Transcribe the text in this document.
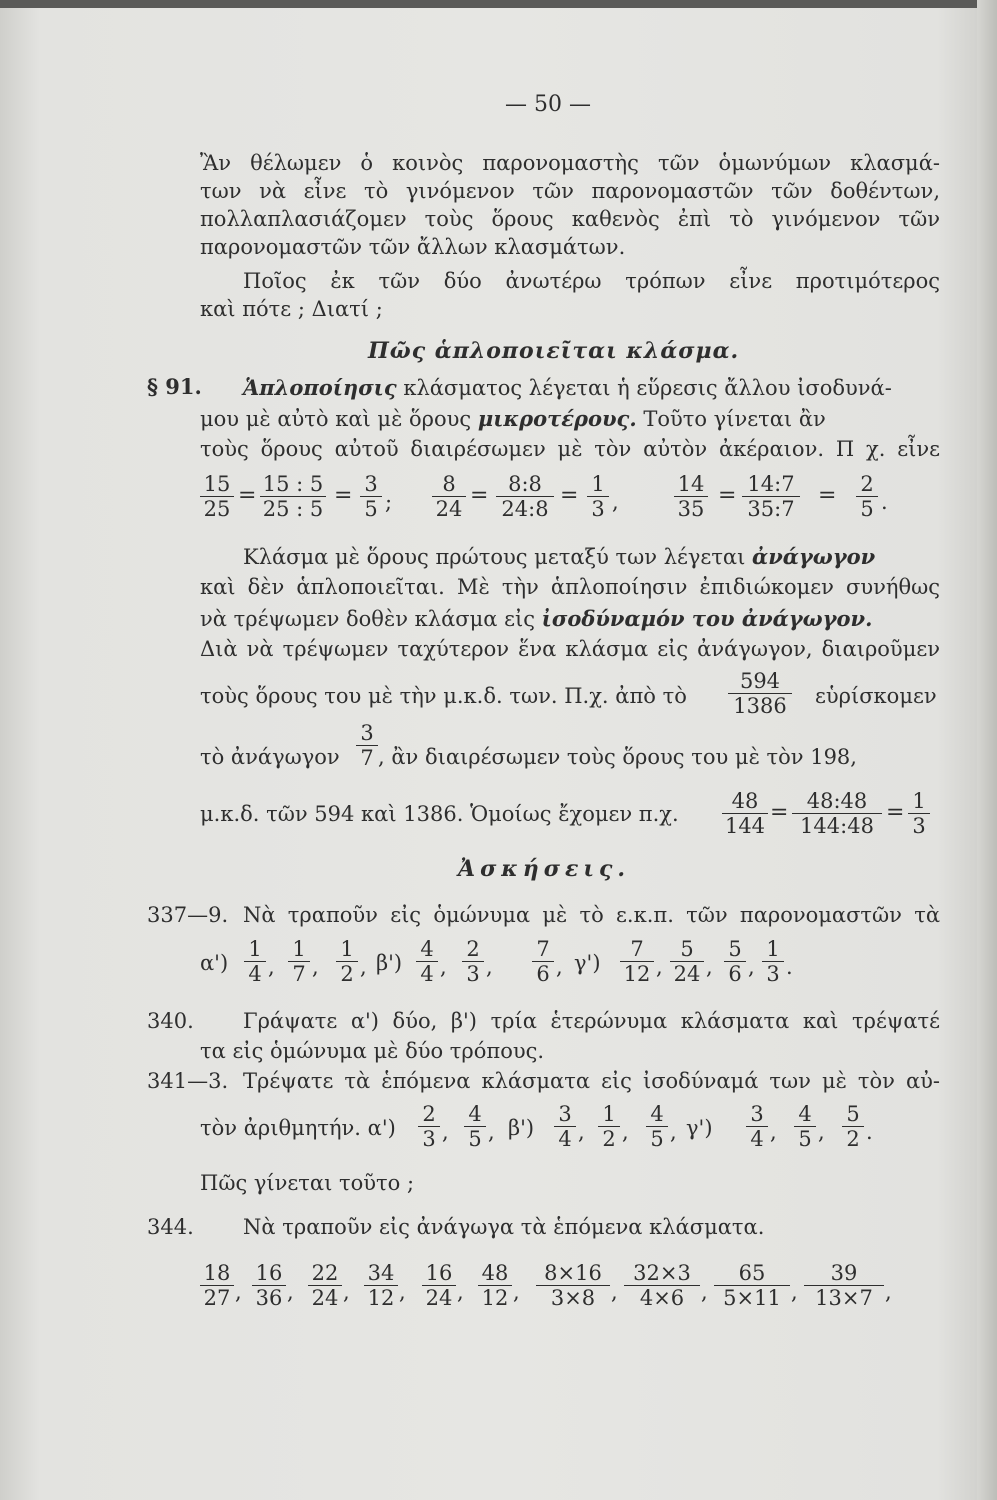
— 50 —
Ἂν θέλωμεν ὁ κοινὸς παρονομαστὴς τῶν ὁμωνύμων κλασμά-
των νὰ εἶνε τὸ γινόμενον τῶν παρονομαστῶν τῶν δοθέντων,
πολλαπλασιάζομεν τοὺς ὅρους καθενὸς ἐπὶ τὸ γινόμενον τῶν
παρονομαστῶν τῶν ἄλλων κλασμάτων.
Ποῖος ἐκ τῶν δύο ἀνωτέρω τρόπων εἶνε προτιμότερος
καὶ πότε ; Διατί ;
Πῶς ἁπλοποιεῖται κλάσμα.
§ 91. Ἁπλοποίησις κλάσματος λέγεται ἡ εὕρεσις ἄλλου ἰσοδυνά-
μου μὲ αὐτὸ καὶ μὲ ὅρους μικροτέρους. Τοῦτο γίνεται ἂν
τοὺς ὅρους αὐτοῦ διαιρέσωμεν μὲ τὸν αὐτὸν ἀκέραιον. Π χ. εἶνε
$\frac{15}{25} = \frac{15 : 5}{25 : 5} = \frac{3}{5}$ ; $\frac{8}{24} = \frac{8:8}{24:8} = \frac{1}{3}$ ,	$\frac{14}{35} = \frac{14:7}{35:7} = \frac{2}{5}$ .
Κλάσμα μὲ ὅρους πρώτους μεταξύ των λέγεται ἀνάγωγον
καὶ δὲν ἁπλοποιεῖται. Μὲ τὴν ἁπλοποίησιν ἐπιδιώκομεν συνήθως
νὰ τρέψωμεν δοθὲν κλάσμα εἰς ἰσοδύναμόν του ἀνάγωγον.
Διὰ νὰ τρέψωμεν ταχύτερον ἕνα κλάσμα εἰς ἀνάγωγον, διαιροῦμεν
τοὺς ὅρους του μὲ τὴν μ.κ.δ. των. Π.χ. ἀπὸ τὸ $\frac{594}{1386}$ εὑρίσκομεν
τὸ ἀνάγωγον $\frac{3}{7}$ , ἂν διαιρέσωμεν τοὺς ὅρους του μὲ τὸν 198,
μ.κ.δ. τῶν 594 καὶ 1386. Ὁμοίως ἔχομεν π.χ. $\frac{48}{144} = \frac{48:48}{144:48} = \frac{1}{3}$
Ἀσκήσεις.
337—9. Νὰ τραποῦν εἰς ὁμώνυμα μὲ τὸ ε.κ.π. τῶν παρονομαστῶν τὰ
$\alpha') \frac{1}{4}$ , $\frac{1}{7}$ , $\frac{1}{2}$ , $\beta') \frac{4}{4}$ , $\frac{2}{3}$ , $\frac{7}{6}$ , $\gamma') \frac{7}{12}$ , $\frac{5}{24}$ , $\frac{5}{6}$ , $\frac{1}{3}$ .
340. Γράψατε α') δύο, β') τρία ἑτερώνυμα κλάσματα καὶ τρέψατέ
τα εἰς ὁμώνυμα μὲ δύο τρόπους.
341—3. Τρέψατε τὰ ἑπόμενα κλάσματα εἰς ἰσοδύναμά των μὲ τὸν αὐ-
τὸν ἀριθμητήν. $\alpha') \frac{2}{3}$ , $\frac{4}{5}$ , $\beta') \frac{3}{4}$ , $\frac{1}{2}$ , $\frac{4}{5}$ , $\gamma') \frac{3}{4}$ , $\frac{4}{5}$ , $\frac{5}{2}$ .
Πῶς γίνεται τοῦτο ;
344. Νὰ τραποῦν εἰς ἀνάγωγα τὰ ἑπόμενα κλάσματα.
$\frac{18}{27}$ , $\frac{16}{36}$ , $\frac{22}{24}$ , $\frac{34}{12}$ , $\frac{16}{24}$ , $\frac{48}{12}$ , $\frac{8\times 16}{3\times 8}$ , $\frac{32\times 3}{4\times 6}$ , $\frac{65}{5\times 11}$ , $\frac{39}{13\times 7}$ ,
